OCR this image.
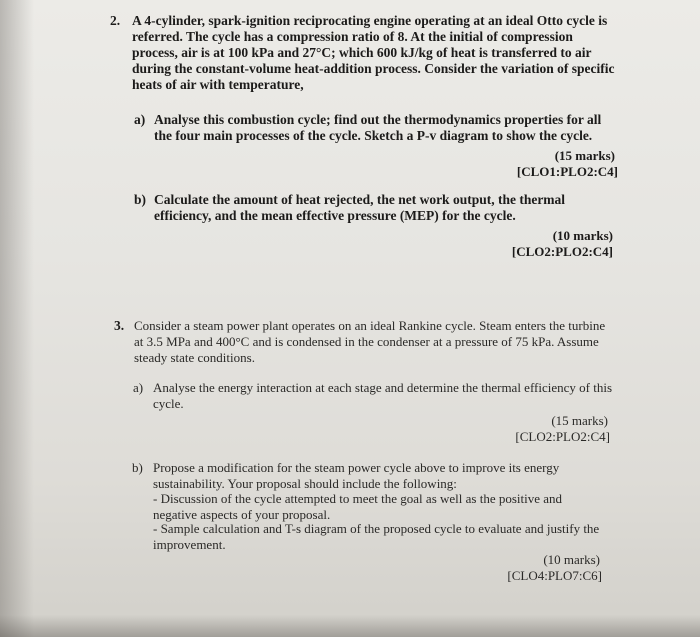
2. A 4-cylinder, spark-ignition reciprocating engine operating at an ideal Otto cycle is referred. The cycle has a compression ratio of 8. At the initial of compression process, air is at 100 kPa and 27°C; which 600 kJ/kg of heat is transferred to air during the constant-volume heat-addition process. Consider the variation of specific heats of air with temperature,

a) Analyse this combustion cycle; find out the thermodynamics properties for all the four main processes of the cycle. Sketch a P-v diagram to show the cycle.
(15 marks)
[CLO1:PLO2:C4]
b) Calculate the amount of heat rejected, the net work output, the thermal efficiency, and the mean effective pressure (MEP) for the cycle.
(10 marks)
[CLO2:PLO2:C4]
3. Consider a steam power plant operates on an ideal Rankine cycle. Steam enters the turbine at 3.5 MPa and 400°C and is condensed in the condenser at a pressure of 75 kPa. Assume steady state conditions.
a) Analyse the energy interaction at each stage and determine the thermal efficiency of this cycle.
(15 marks)
[CLO2:PLO2:C4]
b) Propose a modification for the steam power cycle above to improve its energy sustainability. Your proposal should include the following:
- Discussion of the cycle attempted to meet the goal as well as the positive and negative aspects of your proposal.
- Sample calculation and T-s diagram of the proposed cycle to evaluate and justify the improvement.
(10 marks)
[CLO4:PLO7:C6]
